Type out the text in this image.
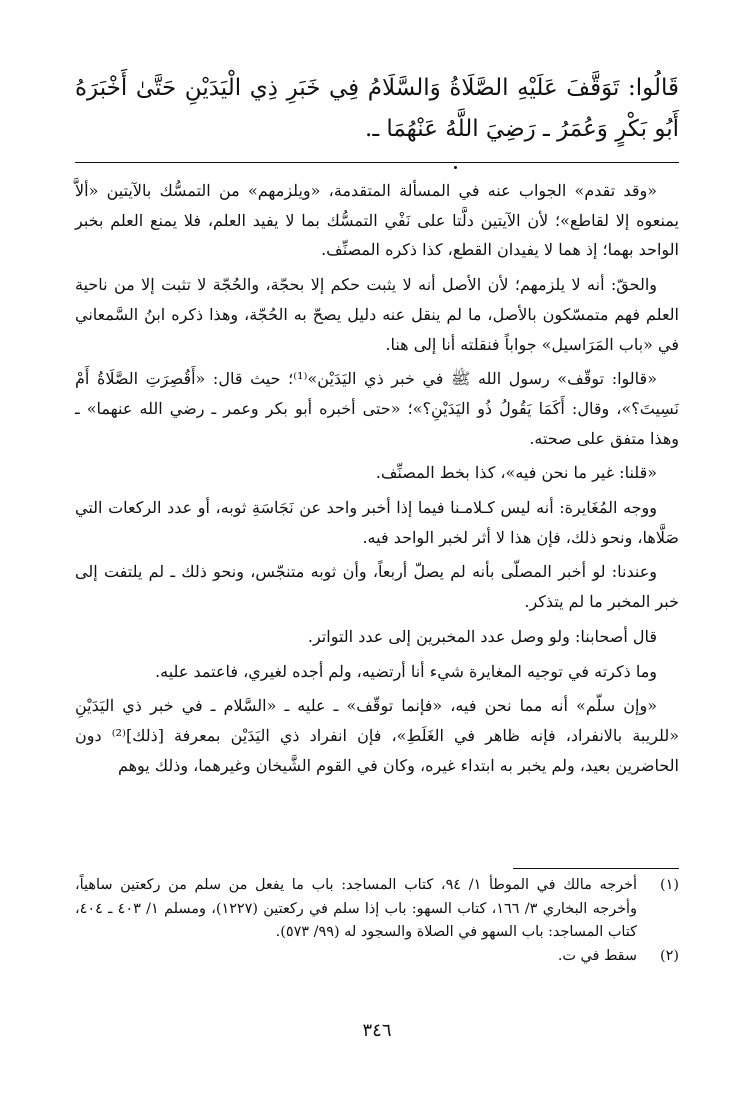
قَالُوا: تَوَقَّفَ عَلَيْهِ الصَّلَاةُ وَالسَّلَامُ فِي خَبَرِ ذِي الْيَدَيْنِ حَتَّىٰ أَخْبَرَهُ أَبُو بَكْرٍ وَعُمَرُ ـ رَضِيَ اللَّهُ عَنْهُمَا ـ.

«وقد تقدم» الجواب عنه في المسألة المتقدمة، «ويلزمهم» من التمسُّك بالآيتين «ألاَّ يمنعوه إلا لقاطع»؛ لأن الآيتين دلَّتا على نَفْي التمسُّك بما لا يفيد العلم، فلا يمنع العلم بخبر الواحد بهما؛ إذ هما لا يفيدان القطع، كذا ذكره المصنِّف.

والحقّ: أنه لا يلزمهم؛ لأن الأصل أنه لا يثبت حكم إلا بحجّة، والحُجّة لا تثبت إلا من ناحية العلم فهم متمسّكون بالأصل، ما لم ينقل عنه دليل يصحّ به الحُجّة، وهذا ذكره ابنُ السَّمعاني في «باب المَرَاسيل» جواباً فنقلته أنا إلى هنا.

«قالوا: توقّف» رسول الله ﷺ في خبر ذي اليَدَيْن»⁽¹⁾؛ حيث قال: «أَقُصِرَتِ الصَّلَاةُ أَمْ نَسِيتَ؟»، وقال: أَكَمَا يَقُولُ ذُو اليَدَيْنِ؟»؛ «حتى أخبره أبو بكر وعمر ـ رضي الله عنهما» ـ وهذا متفق على صحته.

«قلنا: غير ما نحن فيه»، كذا بخط المصنِّف.

ووجه المُغَايرة: أنه ليس كـلامـنا فيما إذا أخبر واحد عن نَجَاسَةِ ثوبه، أو عدد الركعات التي صَلَّاها، ونحو ذلك، فإن هذا لا أثر لخبر الواحد فيه.

وعندنا: لو أخبر المصلّى بأنه لم يصلّ أربعاً، وأن ثوبه متنجّس، ونحو ذلك ـ لم يلتفت إلى خبر المخبر ما لم يتذكر.

قال أصحابنا: ولو وصل عدد المخبرين إلى عدد التواتر.

وما ذكرته في توجيه المغايرة شيء أنا أرتضيه، ولم أجده لغيري، فاعتمد عليه.

«وإن سلّم» أنه مما نحن فيه، «فإنما توقّف» ـ عليه ـ «السَّلام ـ في خبر ذي اليَدَيْنِ «للريبة بالانفراد، فإنه ظاهر في الغَلَطِ»، فإن انفراد ذي اليَدَيْن بمعرفة [ذلك]⁽²⁾ دون الحاضرين بعيد، ولم يخبر به ابتداء غيره، وكان في القوم الشَّيخان وغيرهما، وذلك يوهم

(١)
أخرجه مالك في الموطأ ١/ ٩٤، كتاب المساجد: باب ما يفعل من سلم من ركعتين ساهياً، وأخرجه البخاري ٣/ ١٦٦، كتاب السهو: باب إذا سلم في ركعتين (١٢٢٧)، ومسلم ١/ ٤٠٣ ـ ٤٠٤، كتاب المساجد: باب السهو في الصلاة والسجود له (٩٩/ ٥٧٣).
(٢)
سقط في ت.
٣٤٦
